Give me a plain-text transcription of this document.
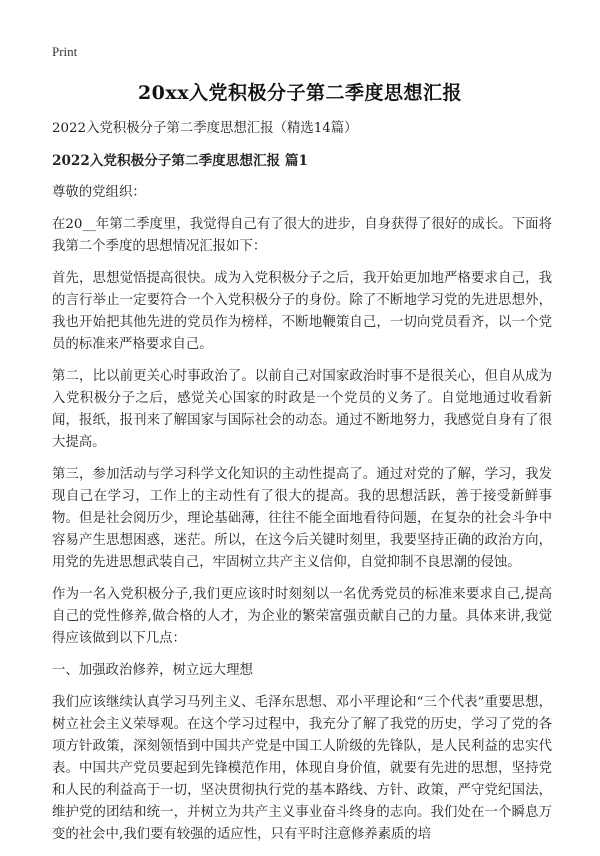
Print
20xx入党积极分子第二季度思想汇报

2022入党积极分子第二季度思想汇报（精选14篇）

2022入党积极分子第二季度思想汇报 篇1

尊敬的党组织：

在20__年第二季度里，我觉得自己有了很大的进步，自身获得了很好的成长。下面将我第二个季度的思想情况汇报如下：

首先，思想觉悟提高很快。成为入党积极分子之后，我开始更加地严格要求自己，我的言行举止一定要符合一个入党积极分子的身份。除了不断地学习党的先进思想外，我也开始把其他先进的党员作为榜样，不断地鞭策自己，一切向党员看齐，以一个党员的标准来严格要求自己。

第二，比以前更关心时事政治了。以前自己对国家政治时事不是很关心，但自从成为入党积极分子之后，感觉关心国家的时政是一个党员的义务了。自觉地通过收看新闻，报纸，报刊来了解国家与国际社会的动态。通过不断地努力，我感觉自身有了很大提高。

第三，参加活动与学习科学文化知识的主动性提高了。通过对党的了解，学习，我发现自己在学习，工作上的主动性有了很大的提高。我的思想活跃，善于接受新鲜事物。但是社会阅历少，理论基础薄，往往不能全面地看待问题，在复杂的社会斗争中容易产生思想困惑，迷茫。所以，在这今后关键时刻里，我要坚持正确的政治方向，用党的先进思想武装自己，牢固树立共产主义信仰，自觉抑制不良思潮的侵蚀。

作为一名入党积极分子,我们更应该时时刻刻以一名优秀党员的标准来要求自己,提高自己的党性修养,做合格的人才，为企业的繁荣富强贡献自己的力量。具体来讲,我觉得应该做到以下几点：

一、加强政治修养，树立远大理想

我们应该继续认真学习马列主义、毛泽东思想、邓小平理论和“三个代表”重要思想，树立社会主义荣辱观。在这个学习过程中，我充分了解了我党的历史，学习了党的各项方针政策，深刻领悟到中国共产党是中国工人阶级的先锋队，是人民利益的忠实代表。中国共产党员要起到先锋模范作用，体现自身价值，就要有先进的思想，坚持党和人民的利益高于一切，坚决贯彻执行党的基本路线、方针、政策，严守党纪国法，维护党的团结和统一，并树立为共产主义事业奋斗终身的志向。我们处在一个瞬息万变的社会中,我们要有较强的适应性，只有平时注意修养素质的培
